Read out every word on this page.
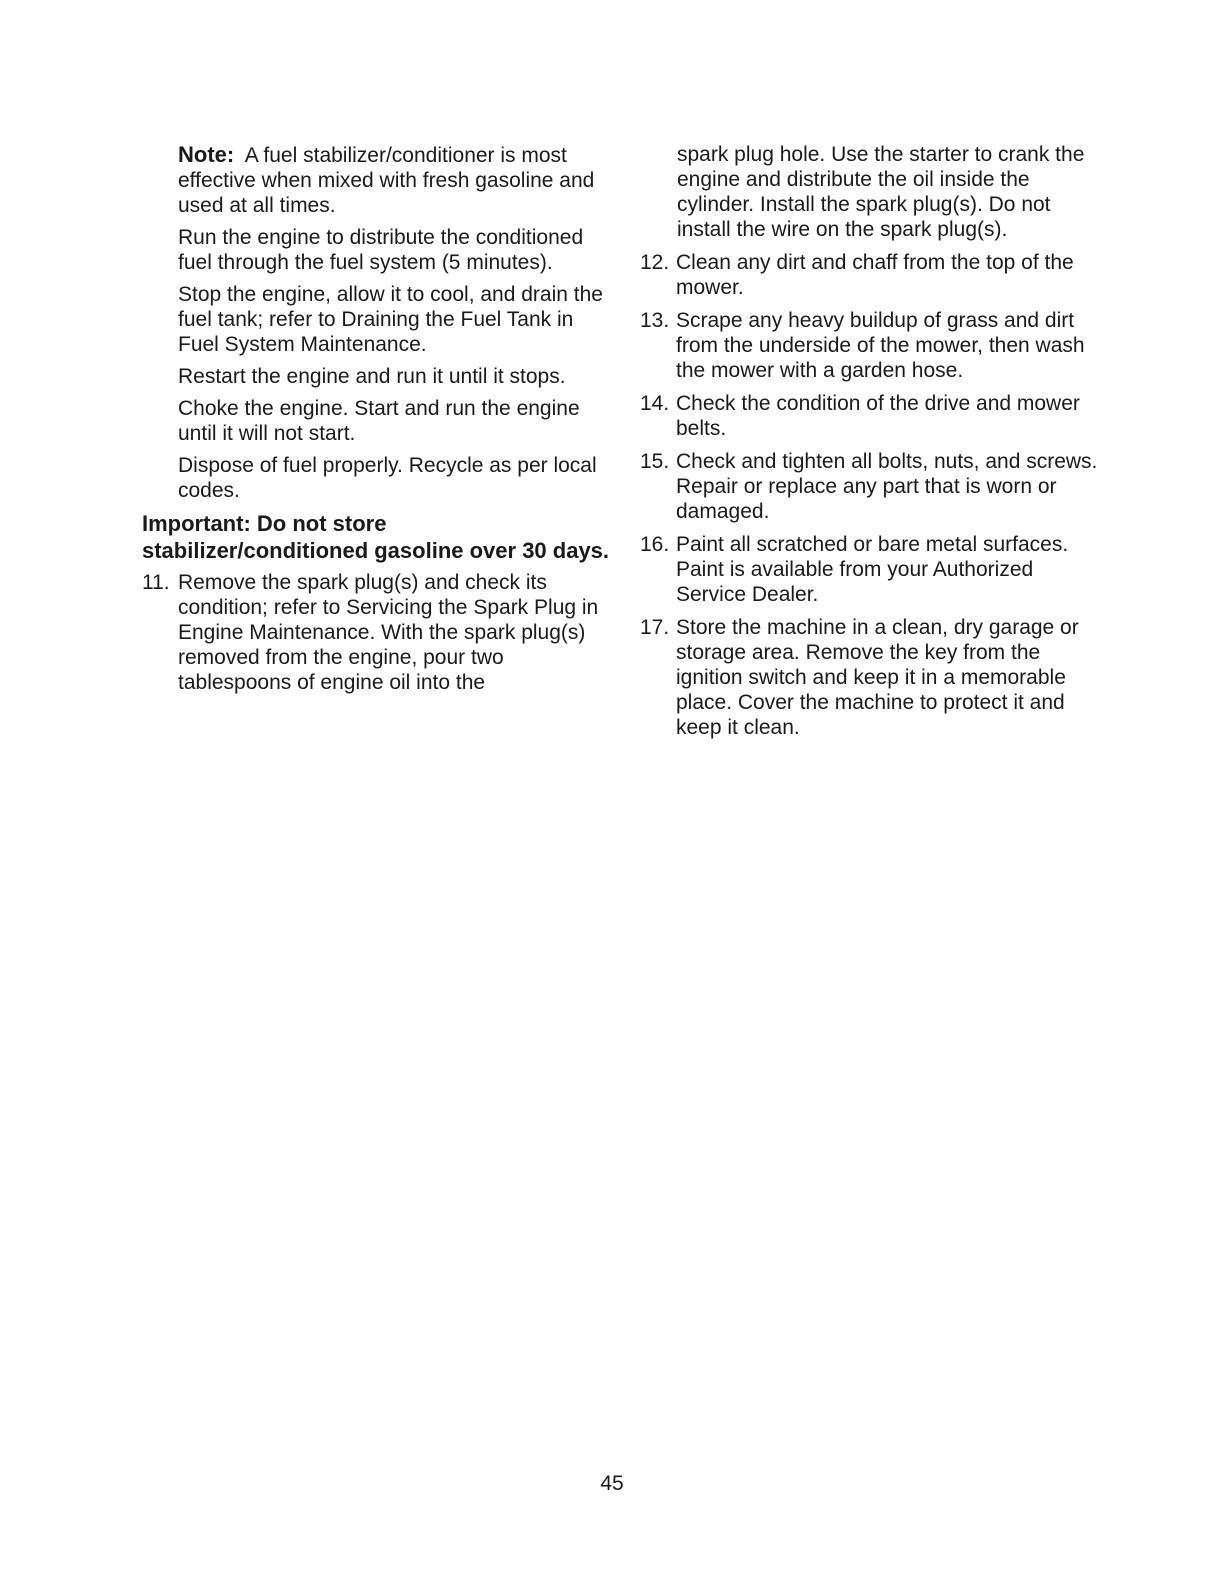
Note: A fuel stabilizer/conditioner is most effective when mixed with fresh gasoline and used at all times.

Run the engine to distribute the conditioned fuel through the fuel system (5 minutes).

Stop the engine, allow it to cool, and drain the fuel tank; refer to Draining the Fuel Tank in Fuel System Maintenance.

Restart the engine and run it until it stops.

Choke the engine. Start and run the engine until it will not start.

Dispose of fuel properly. Recycle as per local codes.

Important: Do not store stabilizer/conditioned gasoline over 30 days.

11. Remove the spark plug(s) and check its condition; refer to Servicing the Spark Plug in Engine Maintenance. With the spark plug(s) removed from the engine, pour two tablespoons of engine oil into the

spark plug hole. Use the starter to crank the engine and distribute the oil inside the cylinder. Install the spark plug(s). Do not install the wire on the spark plug(s).

12. Clean any dirt and chaff from the top of the mower.
13. Scrape any heavy buildup of grass and dirt from the underside of the mower, then wash the mower with a garden hose.
14. Check the condition of the drive and mower belts.
15. Check and tighten all bolts, nuts, and screws. Repair or replace any part that is worn or damaged.
16. Paint all scratched or bare metal surfaces. Paint is available from your Authorized Service Dealer.
17. Store the machine in a clean, dry garage or storage area. Remove the key from the ignition switch and keep it in a memorable place. Cover the machine to protect it and keep it clean.
45
